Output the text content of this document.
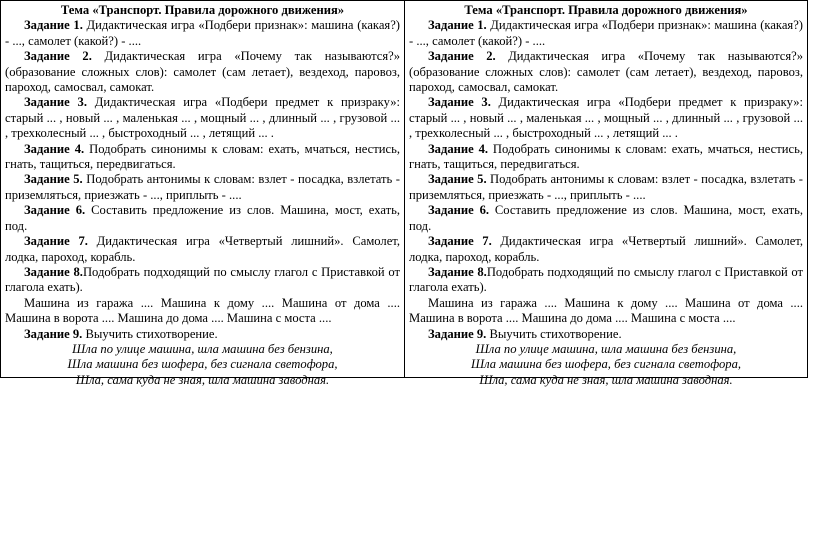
Тема «Транспорт. Правила дорожного движения»

Задание 1. Дидактическая игра «Подбери признак»: машина (какая?) - ..., самолет (какой?) - ....

Задание 2. Дидактическая игра «Почему так называются?» (образование сложных слов): самолет (сам летает), вездеход, паровоз, пароход, самосвал, самокат.

Задание 3. Дидактическая игра «Подбери предмет к призраку»: старый ... , новый ... , маленькая ... , мощный ... , длинный ... , грузовой ... , трехколесный ... , быстроходный ... , летящий ... .

Задание 4. Подобрать синонимы к словам: ехать, мчаться, нестись, гнать, тащиться, передвигаться.

Задание 5. Подобрать антонимы к словам: взлет - посадка, взлетать - приземляться, приезжать - ..., приплыть - ....

Задание 6. Составить предложение из слов. Машина, мост, ехать, под.

Задание 7. Дидактическая игра «Четвертый лишний». Самолет, лодка, пароход, корабль.

Задание 8.Подобрать подходящий по смыслу глагол с Приставкой от глагола ехать).

Машина из гаража .... Машина к дому .... Машина от дома .... Машина в ворота .... Машина до дома .... Машина с моста ....

Задание 9. Выучить стихотворение.

Шла по улице машина, шла машина без бензина,

Шла машина без шофера, без сигнала светофора,

Шла, сама куда не зная, шла машина заводная.

Тема «Транспорт. Правила дорожного движения»

Задание 1. Дидактическая игра «Подбери признак»: машина (какая?) - ..., самолет (какой?) - ....

Задание 2. Дидактическая игра «Почему так называются?» (образование сложных слов): самолет (сам летает), вездеход, паровоз, пароход, самосвал, самокат.

Задание 3. Дидактическая игра «Подбери предмет к призраку»: старый ... , новый ... , маленькая ... , мощный ... , длинный ... , грузовой ... , трехколесный ... , быстроходный ... , летящий ... .

Задание 4. Подобрать синонимы к словам: ехать, мчаться, нестись, гнать, тащиться, передвигаться.

Задание 5. Подобрать антонимы к словам: взлет - посадка, взлетать - приземляться, приезжать - ..., приплыть - ....

Задание 6. Составить предложение из слов. Машина, мост, ехать, под.

Задание 7. Дидактическая игра «Четвертый лишний». Самолет, лодка, пароход, корабль.

Задание 8.Подобрать подходящий по смыслу глагол с Приставкой от глагола ехать).

Машина из гаража .... Машина к дому .... Машина от дома .... Машина в ворота .... Машина до дома .... Машина с моста ....

Задание 9. Выучить стихотворение.

Шла по улице машина, шла машина без бензина,

Шла машина без шофера, без сигнала светофора,

Шла, сама куда не зная, шла машина заводная.
